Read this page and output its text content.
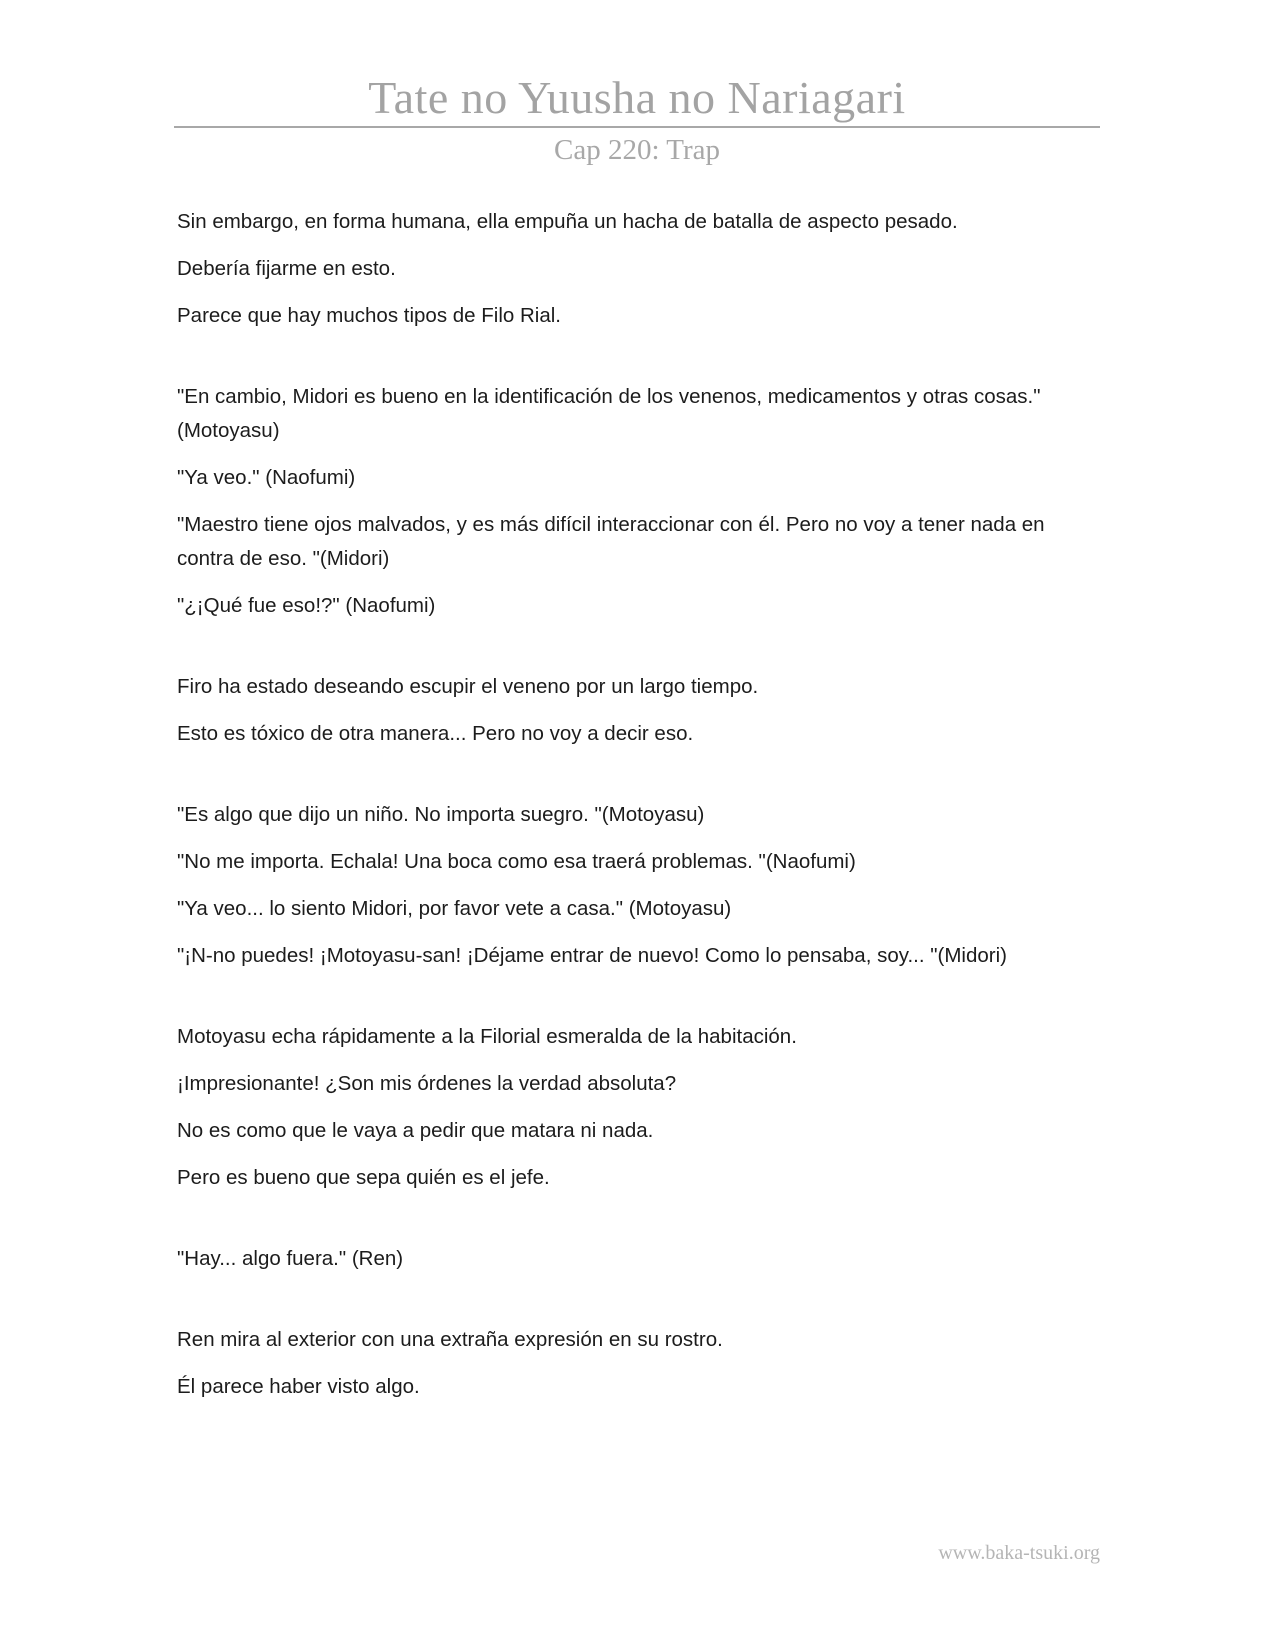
Tate no Yuusha no Nariagari
Cap 220: Trap

Sin embargo, en forma humana, ella empuña un hacha de batalla de aspecto pesado.

Debería fijarme en esto.

Parece que hay muchos tipos de Filo Rial.

"En cambio, Midori es bueno en la identificación de los venenos, medicamentos y otras cosas." (Motoyasu)

"Ya veo." (Naofumi)

"Maestro tiene ojos malvados, y es más difícil interaccionar con él. Pero no voy a tener nada en contra de eso. "(Midori)

"¿¡Qué fue eso!?" (Naofumi)

Firo ha estado deseando escupir el veneno por un largo tiempo.

Esto es tóxico de otra manera... Pero no voy a decir eso.

"Es algo que dijo un niño. No importa suegro. "(Motoyasu)

"No me importa. Echala! Una boca como esa traerá problemas. "(Naofumi)

"Ya veo... lo siento Midori, por favor vete a casa." (Motoyasu)

"¡N-no puedes! ¡Motoyasu-san! ¡Déjame entrar de nuevo! Como lo pensaba, soy... "(Midori)

Motoyasu echa rápidamente a la Filorial esmeralda de la habitación.

¡Impresionante! ¿Son mis órdenes la verdad absoluta?

No es como que le vaya a pedir que matara ni nada.

Pero es bueno que sepa quién es el jefe.

"Hay... algo fuera." (Ren)

Ren mira al exterior con una extraña expresión en su rostro.

Él parece haber visto algo.

www.baka-tsuki.org
